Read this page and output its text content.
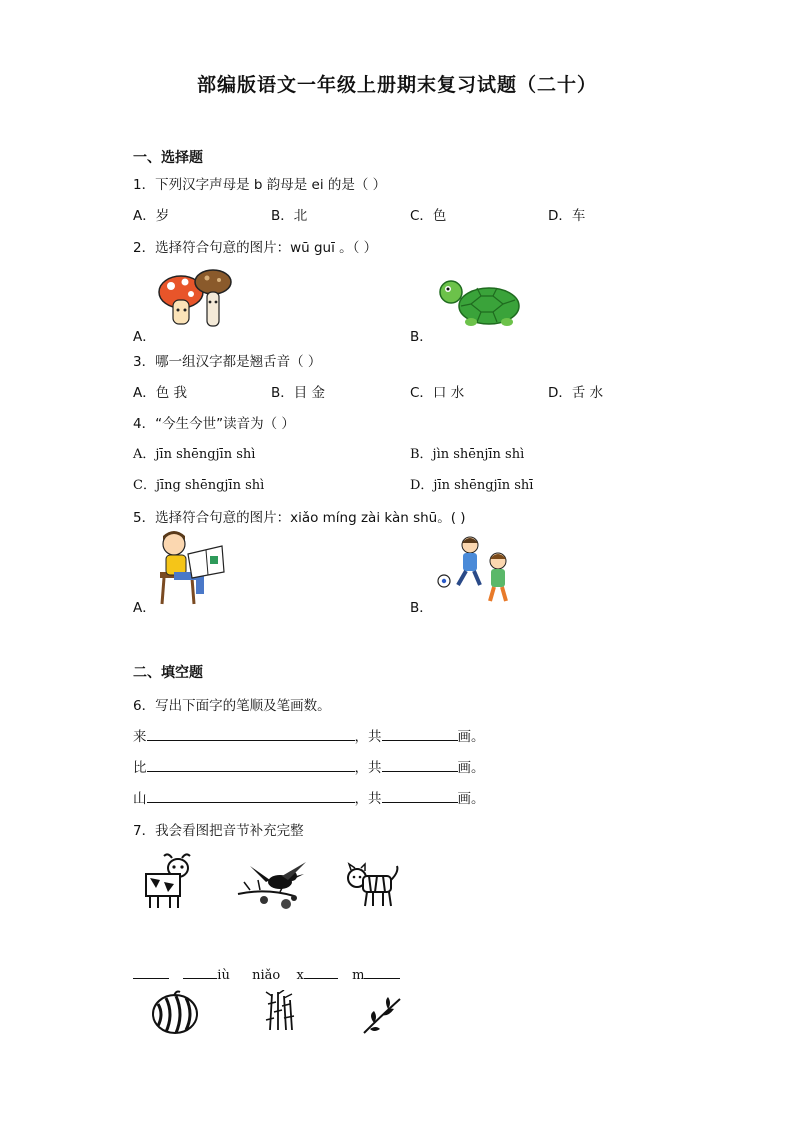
部编版语文一年级上册期末复习试题（二十）
一、选择题
1．下列汉字声母是 b 韵母是 ei 的是（ ）
A．岁	B．北	C．色	D．车
2．选择符合句意的图片：wū guī 。（ ）
A．	B．
3．哪一组汉字都是翘舌音（ ）
A．色 我	B．目 金	C．口 水	D．舌 水
4．“今生今世”读音为（ ）
A．jīn shēngjīn shì	B．jìn shēnjīn shì
C．jīng shēngjīn shì	D．jīn shēngjīn shī
5．选择符合句意的图片：xiǎo míng zài kàn shū。( )
A．	B．
二、填空题
6．写出下面字的笔顺及笔画数。
来	，共	画。
比	，共	画。
山	，共	画。
7．我会看图把音节补充完整
iù niǎo x	m
